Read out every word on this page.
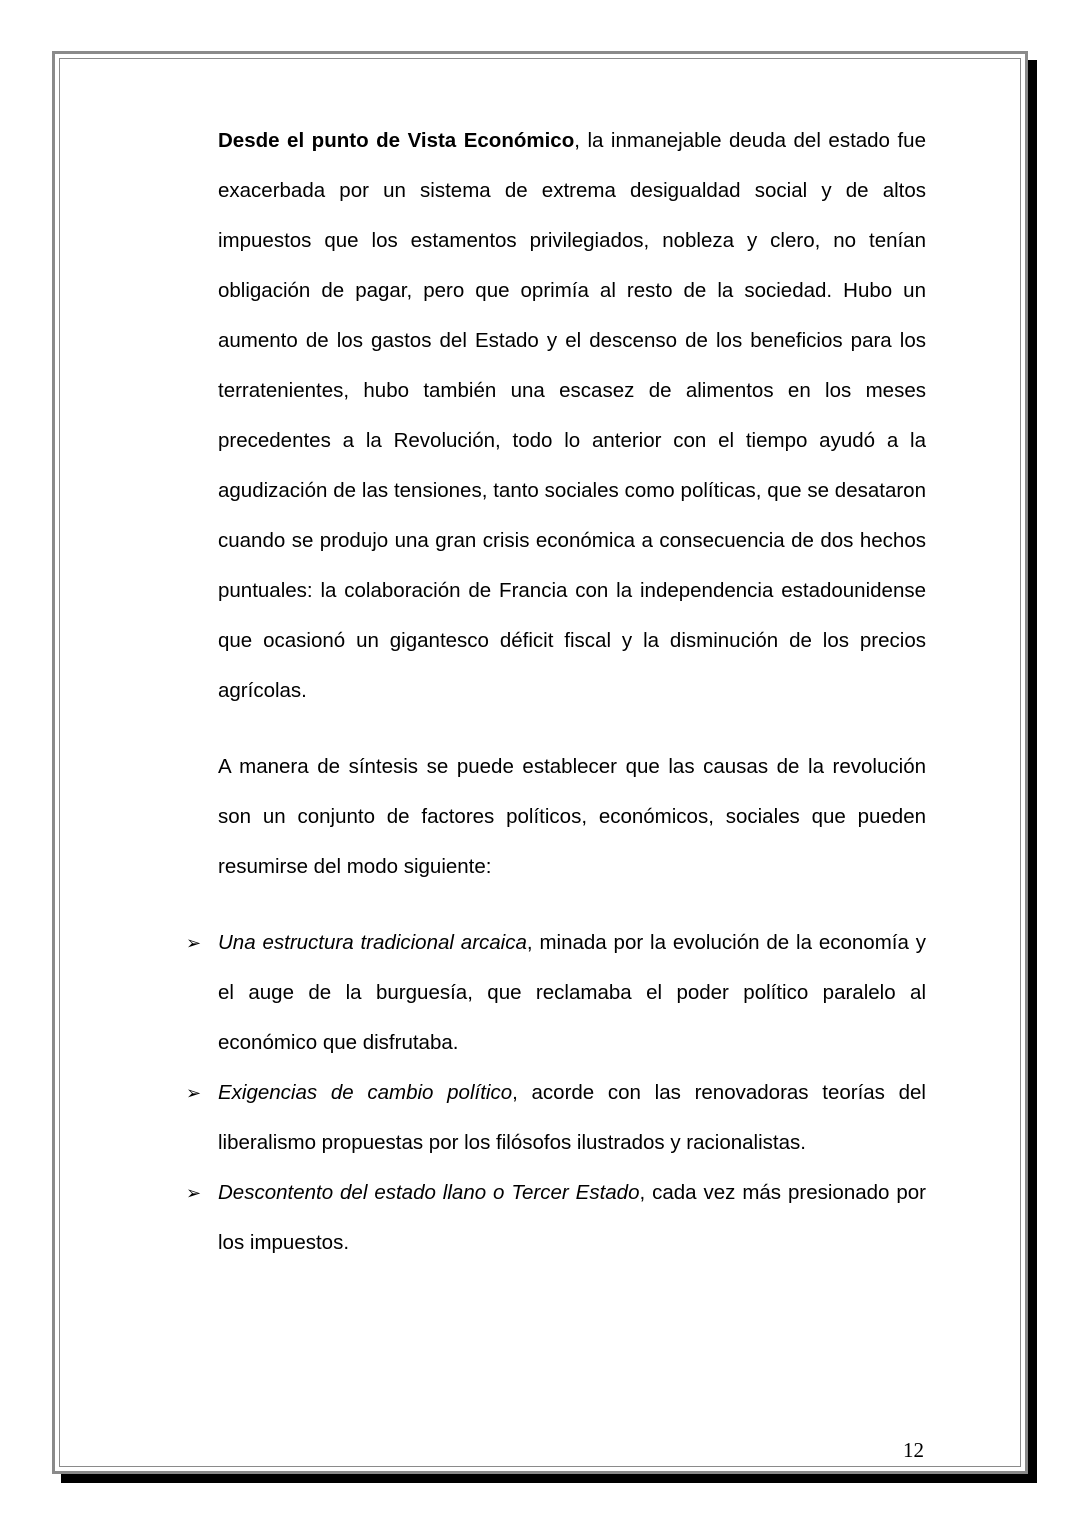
Desde el punto de Vista Económico, la inmanejable deuda del estado fue exacerbada por un sistema de extrema desigualdad social y de altos impuestos que los estamentos privilegiados, nobleza y clero, no tenían obligación de pagar, pero que oprimía al resto de la sociedad. Hubo un aumento de los gastos del Estado y el descenso de los beneficios para los terratenientes, hubo también una escasez de alimentos en los meses precedentes a la Revolución, todo lo anterior con el tiempo ayudó a la agudización de las tensiones, tanto sociales como políticas, que se desataron cuando se produjo una gran crisis económica a consecuencia de dos hechos puntuales: la colaboración de Francia con la independencia estadounidense que ocasionó un gigantesco déficit fiscal y la disminución de los precios agrícolas.

A manera de síntesis se puede establecer que las causas de la revolución son un conjunto de factores políticos, económicos, sociales que pueden resumirse del modo siguiente:

➢ Una estructura tradicional arcaica, minada por la evolución de la economía y el auge de la burguesía, que reclamaba el poder político paralelo al económico que disfrutaba.
➢ Exigencias de cambio político, acorde con las renovadoras teorías del liberalismo propuestas por los filósofos ilustrados y racionalistas.
➢ Descontento del estado llano o Tercer Estado, cada vez más presionado por los impuestos.
12
